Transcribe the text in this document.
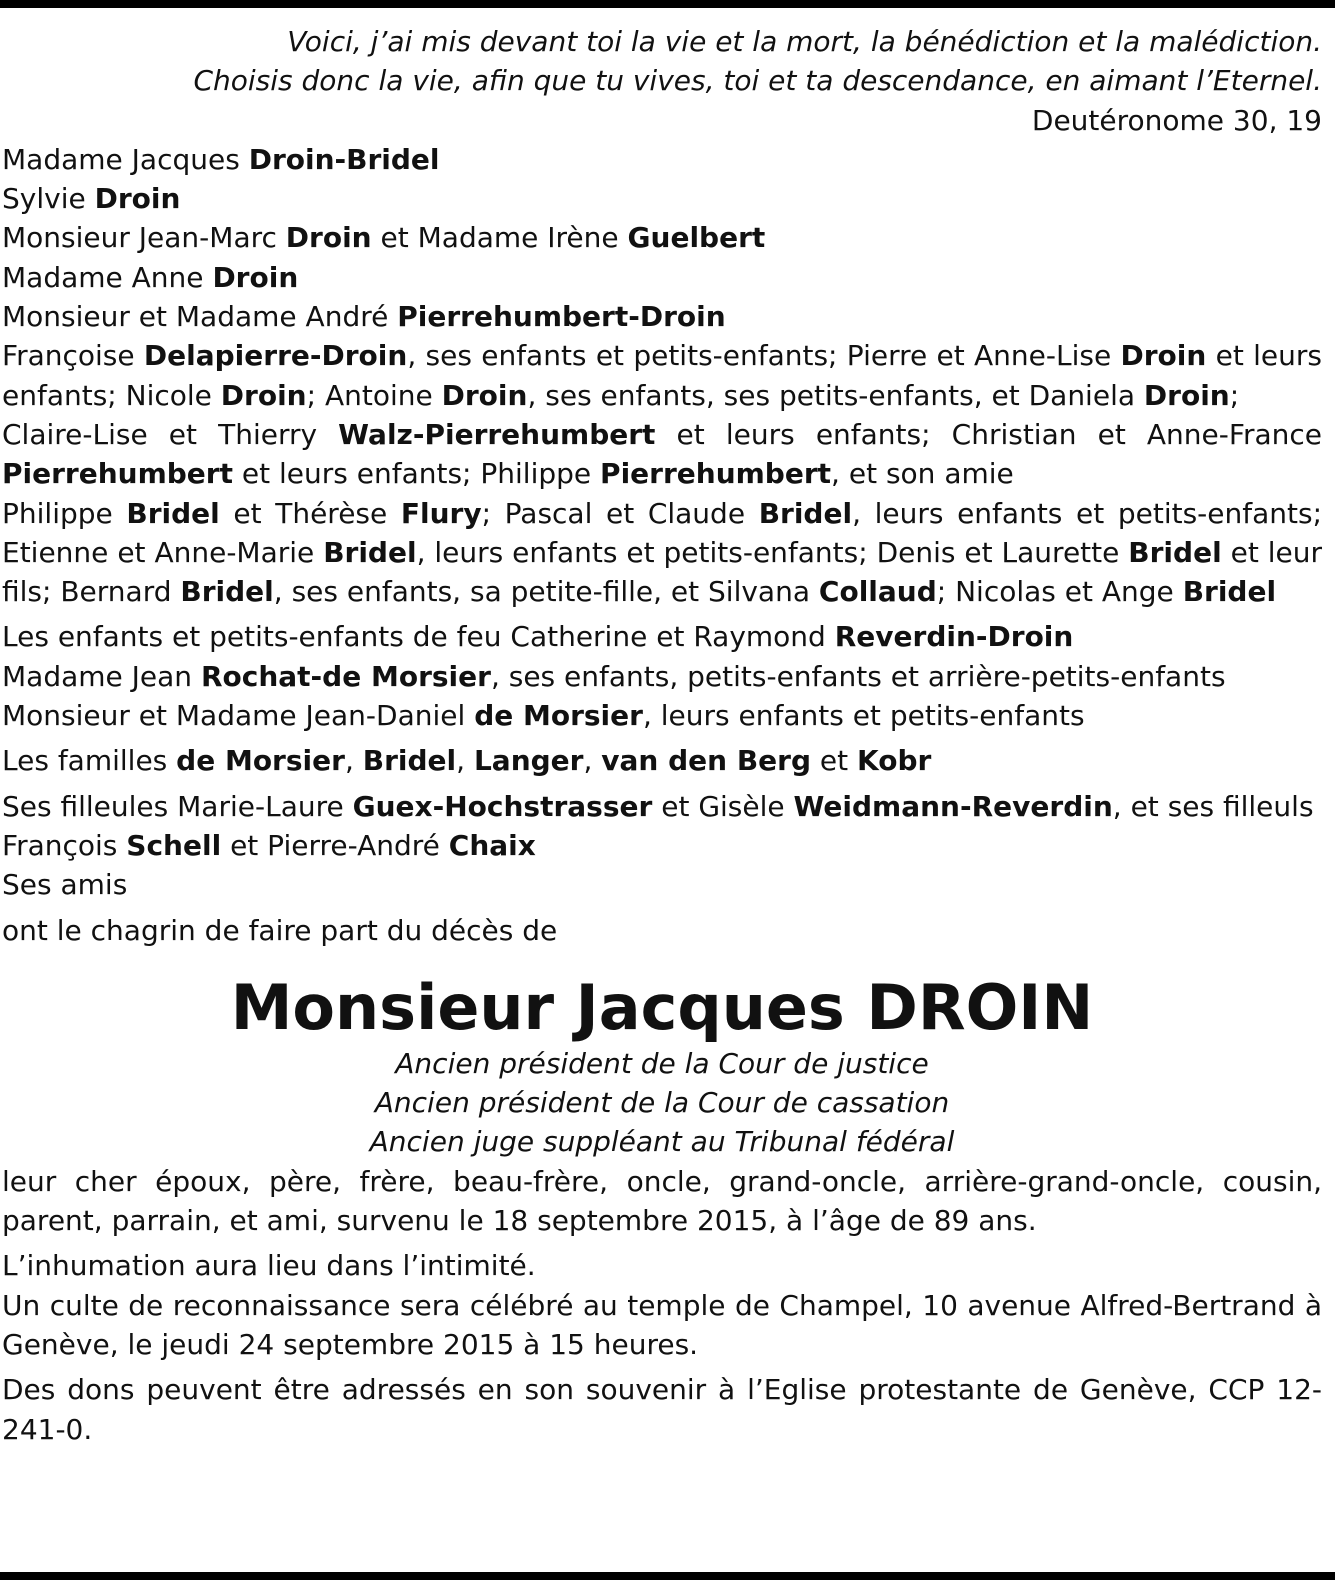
Voici, j’ai mis devant toi la vie et la mort, la bénédiction et la malédiction.
Choisis donc la vie, afin que tu vives, toi et ta descendance, en aimant l’Eternel.
Deutéronome 30, 19
Madame Jacques Droin-Bridel
Sylvie Droin
Monsieur Jean-Marc Droin et Madame Irène Guelbert
Madame Anne Droin
Monsieur et Madame André Pierrehumbert-Droin
Françoise Delapierre-Droin, ses enfants et petits-enfants; Pierre et Anne-Lise Droin et leurs enfants; Nicole Droin; Antoine Droin, ses enfants, ses petits-enfants, et Daniela Droin;
Claire-Lise et Thierry Walz-Pierrehumbert et leurs enfants; Christian et Anne-France Pierrehumbert et leurs enfants; Philippe Pierrehumbert, et son amie
Philippe Bridel et Thérèse Flury; Pascal et Claude Bridel, leurs enfants et petits-enfants; Etienne et Anne-Marie Bridel, leurs enfants et petits-enfants; Denis et Laurette Bridel et leur fils; Bernard Bridel, ses enfants, sa petite-fille, et Silvana Collaud; Nicolas et Ange Bridel
Les enfants et petits-enfants de feu Catherine et Raymond Reverdin-Droin
Madame Jean Rochat-de Morsier, ses enfants, petits-enfants et arrière-petits-enfants
Monsieur et Madame Jean-Daniel de Morsier, leurs enfants et petits-enfants
Les familles de Morsier, Bridel, Langer, van den Berg et Kobr
Ses filleules Marie-Laure Guex-Hochstrasser et Gisèle Weidmann-Reverdin, et ses filleuls François Schell et Pierre-André Chaix
Ses amis
ont le chagrin de faire part du décès de
Monsieur Jacques DROIN
Ancien président de la Cour de justice
Ancien président de la Cour de cassation
Ancien juge suppléant au Tribunal fédéral
leur cher époux, père, frère, beau-frère, oncle, grand-oncle, arrière-grand-oncle, cousin, parent, parrain, et ami, survenu le 18 septembre 2015, à l’âge de 89 ans.
L’inhumation aura lieu dans l’intimité.
Un culte de reconnaissance sera célébré au temple de Champel, 10 avenue Alfred-Bertrand à Genève, le jeudi 24 septembre 2015 à 15 heures.
Des dons peuvent être adressés en son souvenir à l’Eglise protestante de Genève, CCP 12-241-0.
